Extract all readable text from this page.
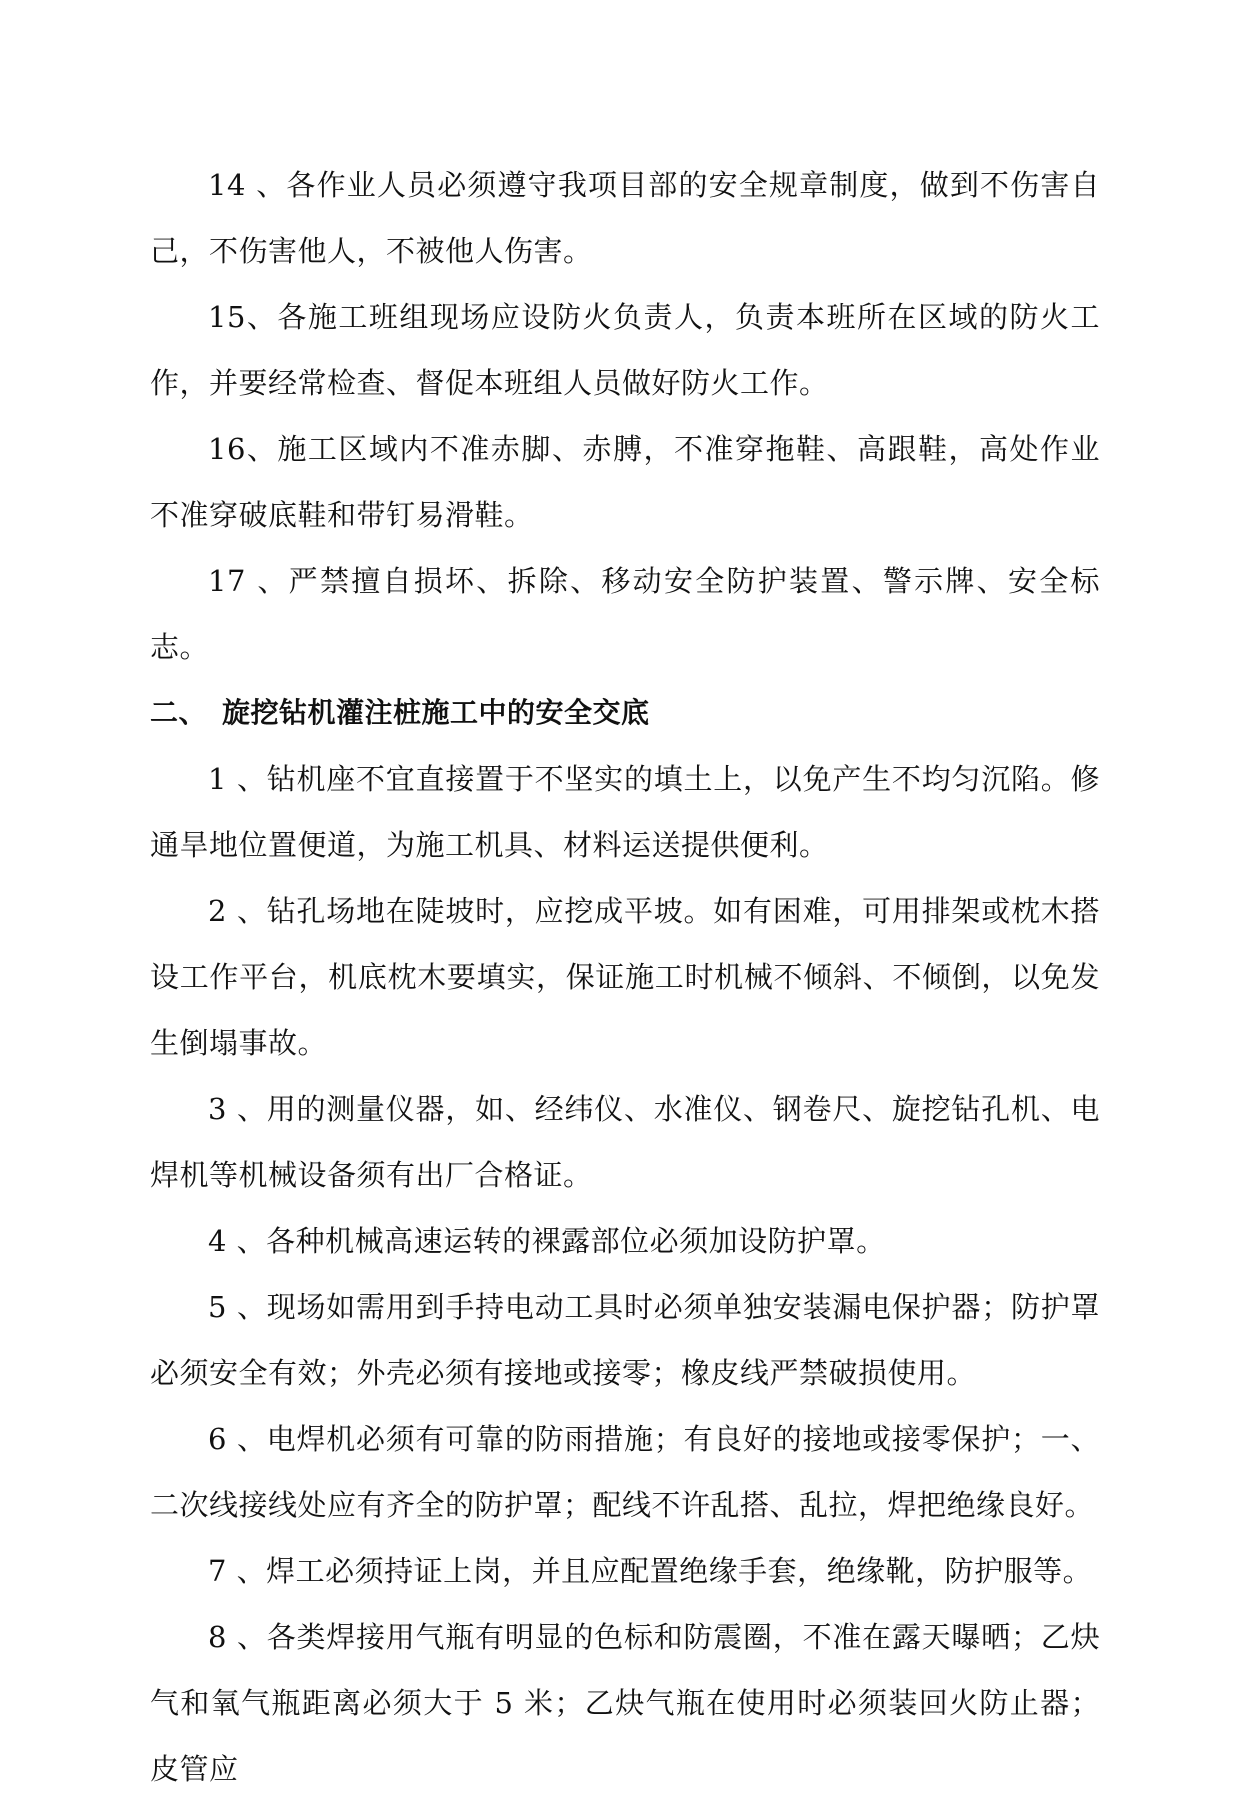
14 、各作业人员必须遵守我项目部的安全规章制度，做到不伤害自己，不伤害他人，不被他人伤害。

15、各施工班组现场应设防火负责人，负责本班所在区域的防火工作，并要经常检查、督促本班组人员做好防火工作。

16、施工区域内不准赤脚、赤膊，不准穿拖鞋、高跟鞋，高处作业不准穿破底鞋和带钉易滑鞋。

17 、严禁擅自损坏、拆除、移动安全防护装置、警示牌、安全标志。

二、 旋挖钻机灌注桩施工中的安全交底

1 、钻机座不宜直接置于不坚实的填土上，以免产生不均匀沉陷。修通旱地位置便道，为施工机具、材料运送提供便利。

2 、钻孔场地在陡坡时，应挖成平坡。如有困难，可用排架或枕木搭设工作平台，机底枕木要填实，保证施工时机械不倾斜、不倾倒，以免发生倒塌事故。

3 、用的测量仪器，如、经纬仪、水准仪、钢卷尺、旋挖钻孔机、电焊机等机械设备须有出厂合格证。

4 、各种机械高速运转的裸露部位必须加设防护罩。

5 、现场如需用到手持电动工具时必须单独安装漏电保护器；防护罩必须安全有效；外壳必须有接地或接零；橡皮线严禁破损使用。

6 、电焊机必须有可靠的防雨措施；有良好的接地或接零保护；一、二次线接线处应有齐全的防护罩；配线不许乱搭、乱拉，焊把绝缘良好。

7 、焊工必须持证上岗，并且应配置绝缘手套，绝缘靴，防护服等。

8 、各类焊接用气瓶有明显的色标和防震圈，不准在露天曝晒；乙炔气和氧气瓶距离必须大于 5 米；乙炔气瓶在使用时必须装回火防止器；皮管应
